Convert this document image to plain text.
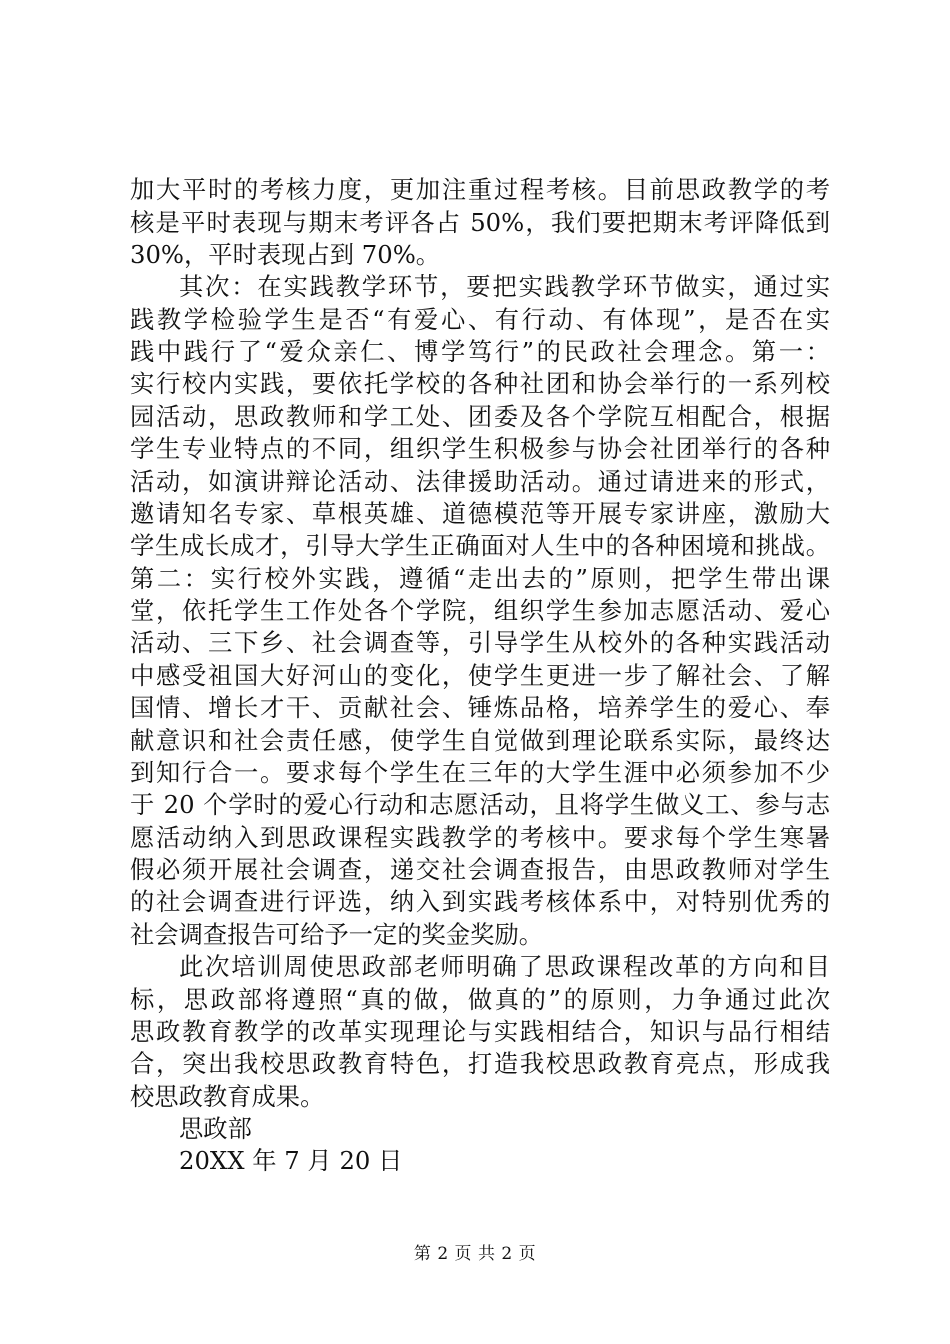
加大平时的考核力度，更加注重过程考核。目前思政教学的考
核是平时表现与期末考评各占 50%，我们要把期末考评降低到
30%，平时表现占到 70%。
其次：在实践教学环节，要把实践教学环节做实，通过实
践教学检验学生是否“有爱心、有行动、有体现”，是否在实
践中践行了“爱众亲仁、博学笃行”的民政社会理念。第一：
实行校内实践，要依托学校的各种社团和协会举行的一系列校
园活动，思政教师和学工处、团委及各个学院互相配合，根据
学生专业特点的不同，组织学生积极参与协会社团举行的各种
活动，如演讲辩论活动、法律援助活动。通过请进来的形式，
邀请知名专家、草根英雄、道德模范等开展专家讲座，激励大
学生成长成才，引导大学生正确面对人生中的各种困境和挑战。
第二：实行校外实践，遵循“走出去的”原则，把学生带出课
堂，依托学生工作处各个学院，组织学生参加志愿活动、爱心
活动、三下乡、社会调查等，引导学生从校外的各种实践活动
中感受祖国大好河山的变化，使学生更进一步了解社会、了解
国情、增长才干、贡献社会、锤炼品格，培养学生的爱心、奉
献意识和社会责任感，使学生自觉做到理论联系实际，最终达
到知行合一。要求每个学生在三年的大学生涯中必须参加不少
于 20 个学时的爱心行动和志愿活动，且将学生做义工、参与志
愿活动纳入到思政课程实践教学的考核中。要求每个学生寒暑
假必须开展社会调查，递交社会调查报告，由思政教师对学生
的社会调查进行评选，纳入到实践考核体系中，对特别优秀的
社会调查报告可给予一定的奖金奖励。
此次培训周使思政部老师明确了思政课程改革的方向和目
标，思政部将遵照“真的做，做真的”的原则，力争通过此次
思政教育教学的改革实现理论与实践相结合，知识与品行相结
合，突出我校思政教育特色，打造我校思政教育亮点，形成我
校思政教育成果。
思政部
20XX 年 7 月 20 日
第 2 页 共 2 页
